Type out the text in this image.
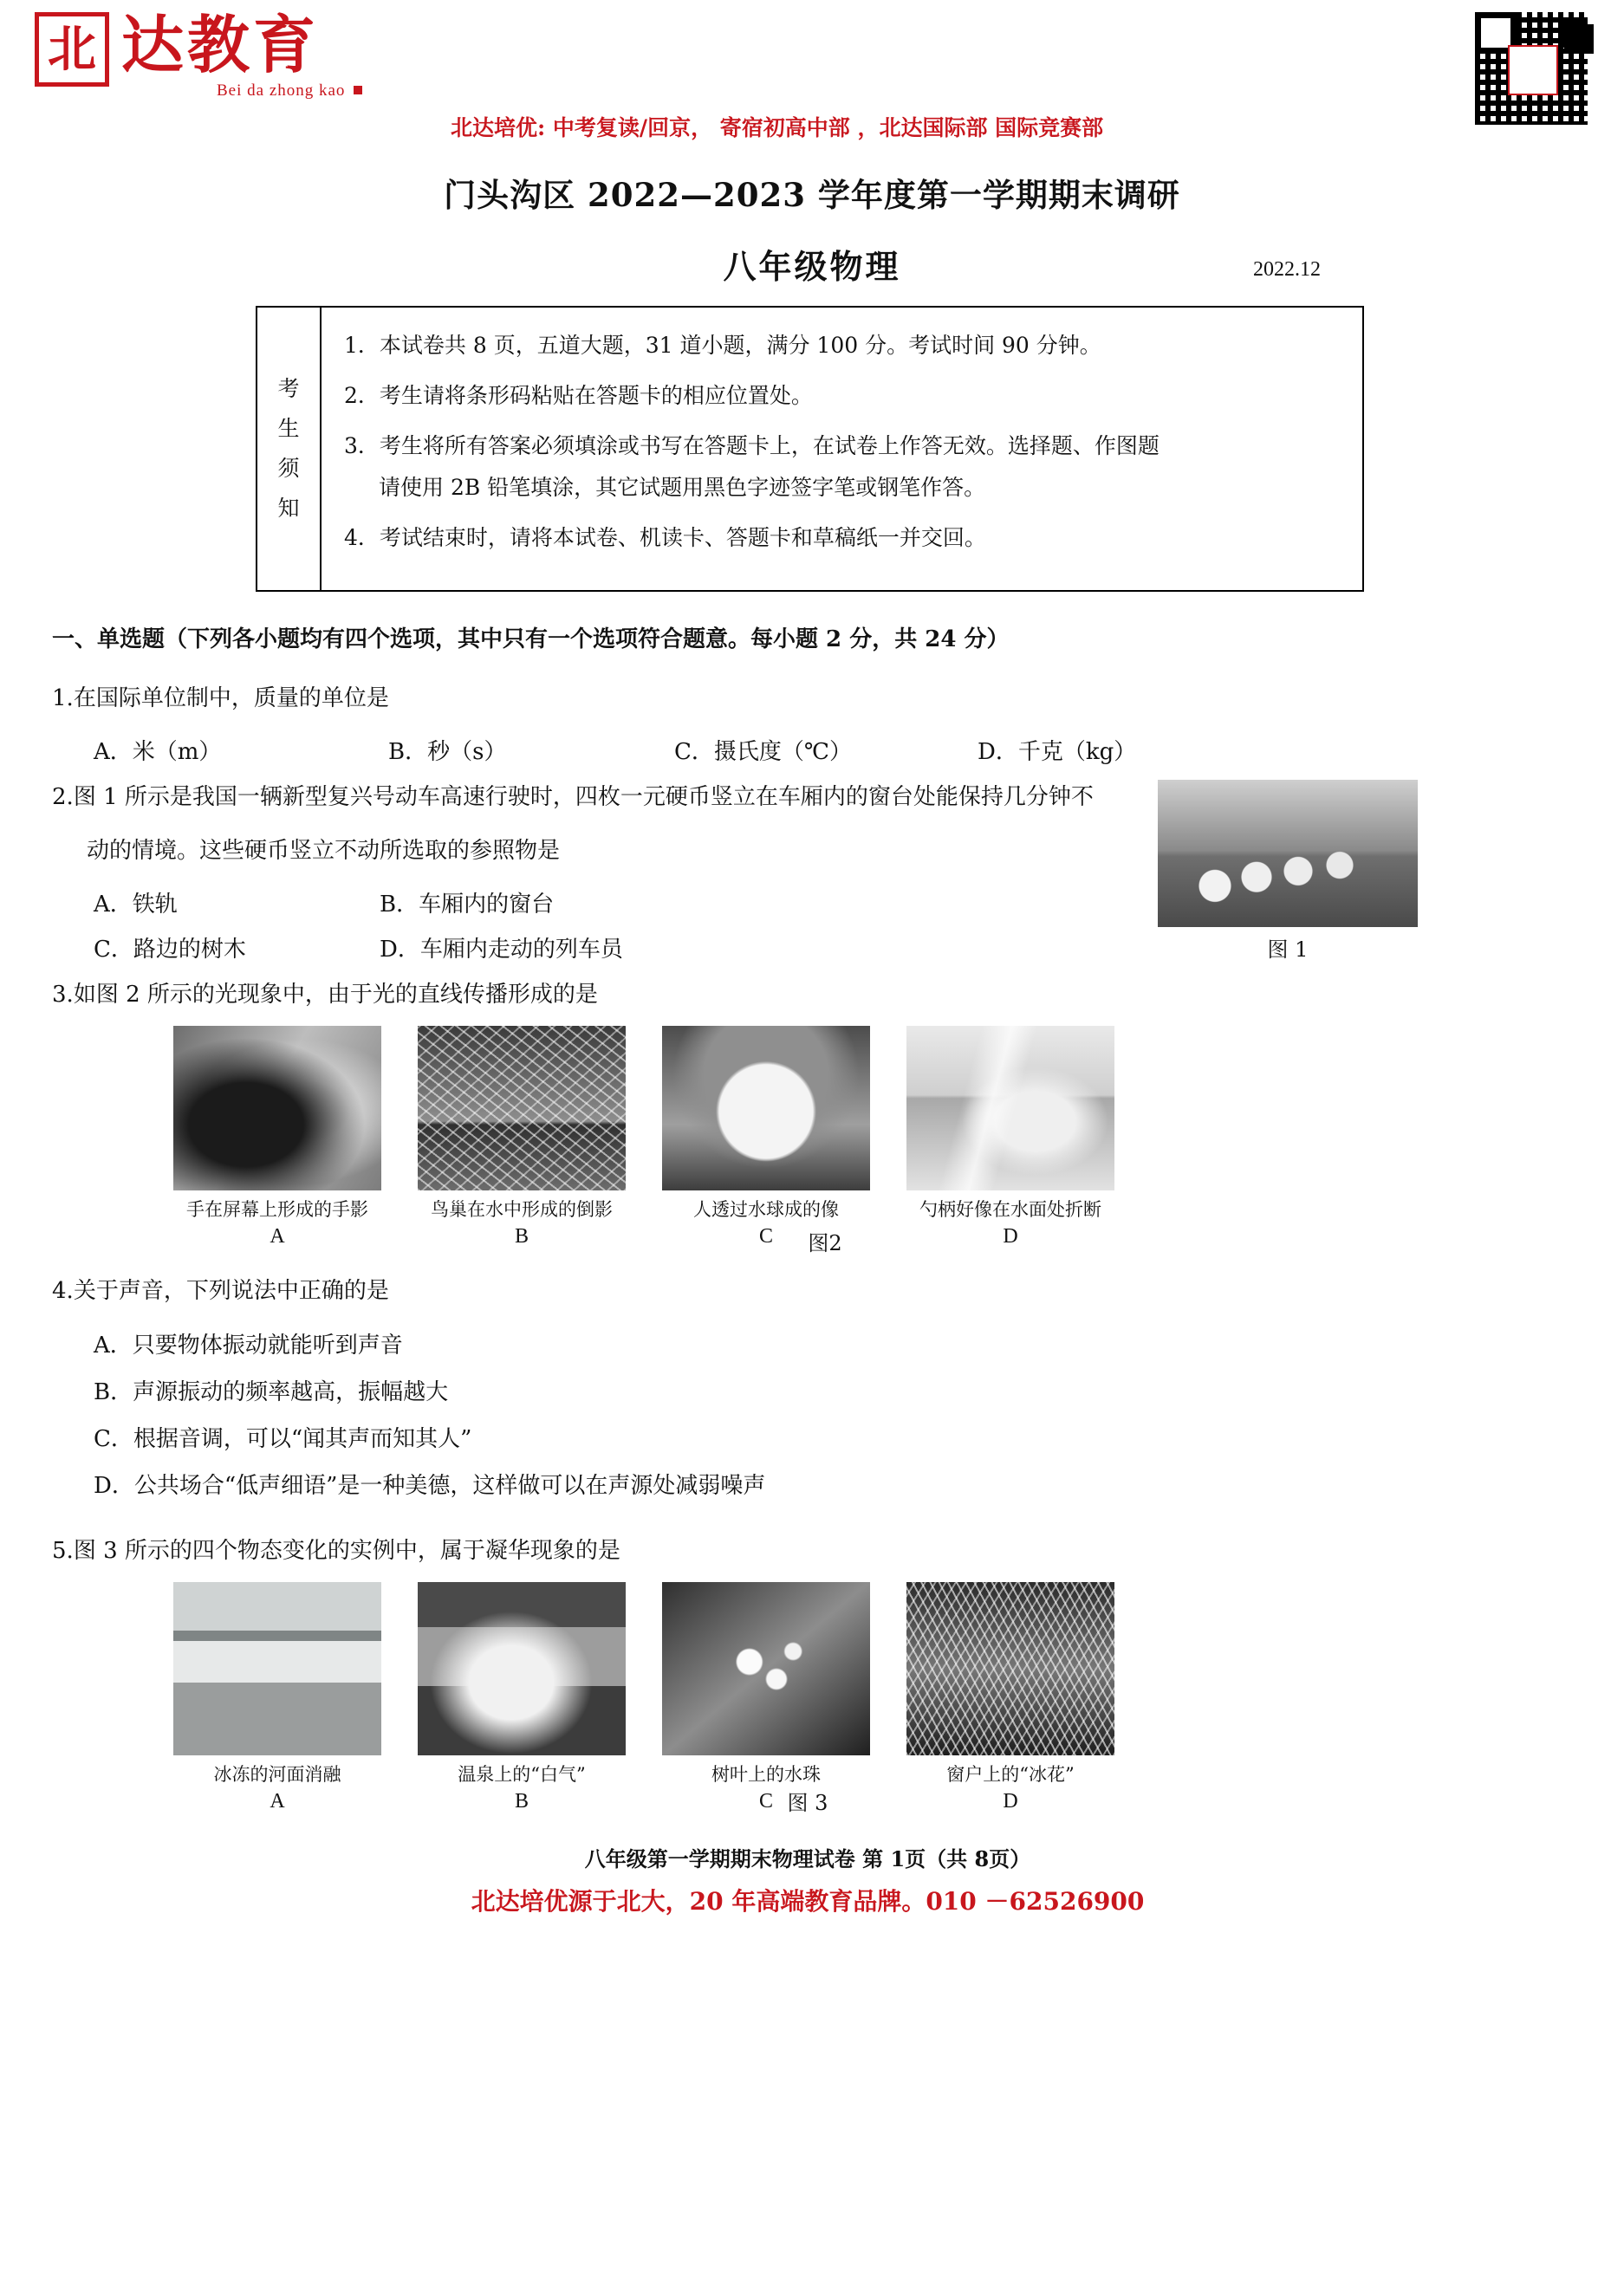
北 达教育
Bei da zhong kao
北达培优: 中考复读/回京， 寄宿初高中部 ，北达国际部 国际竞赛部
门头沟区 2022—2023 学年度第一学期期末调研
八年级物理	2022.12
考
生
须
知
1．本试卷共 8 页，五道大题，31 道小题，满分 100 分。考试时间 90 分钟。
2．考生请将条形码粘贴在答题卡的相应位置处。
3．考生将所有答案必须填涂或书写在答题卡上，在试卷上作答无效。选择题、作图题
请使用 2B 铅笔填涂，其它试题用黑色字迹签字笔或钢笔作答。
4．考试结束时，请将本试卷、机读卡、答题卡和草稿纸一并交回。
一、单选题（下列各小题均有四个选项，其中只有一个选项符合题意。每小题 2 分，共 24 分）
1.在国际单位制中，质量的单位是
A．米（m）	B．秒（s）	C．摄氏度（℃）	D．千克（kg）
2.图 1 所示是我国一辆新型复兴号动车高速行驶时，四枚一元硬币竖立在车厢内的窗台处能保持几分钟不
动的情境。这些硬币竖立不动所选取的参照物是
A．铁轨	B．车厢内的窗台
C．路边的树木	D．车厢内走动的列车员	图 1
3.如图 2 所示的光现象中，由于光的直线传播形成的是
手在屏幕上形成的手影
A
鸟巢在水中形成的倒影
B
人透过水球成的像
C
勺柄好像在水面处折断
D
图2
4.关于声音，下列说法中正确的是
A．只要物体振动就能听到声音
B．声源振动的频率越高，振幅越大
C．根据音调，可以“闻其声而知其人”
D．公共场合“低声细语”是一种美德，这样做可以在声源处减弱噪声
5.图 3 所示的四个物态变化的实例中，属于凝华现象的是
冰冻的河面消融
A
温泉上的“白气”
B
树叶上的水珠
C
窗户上的“冰花”
D
图 3
八年级第一学期期末物理试卷 第 1页（共 8页）
北达培优源于北大，20 年高端教育品牌。010 －62526900
